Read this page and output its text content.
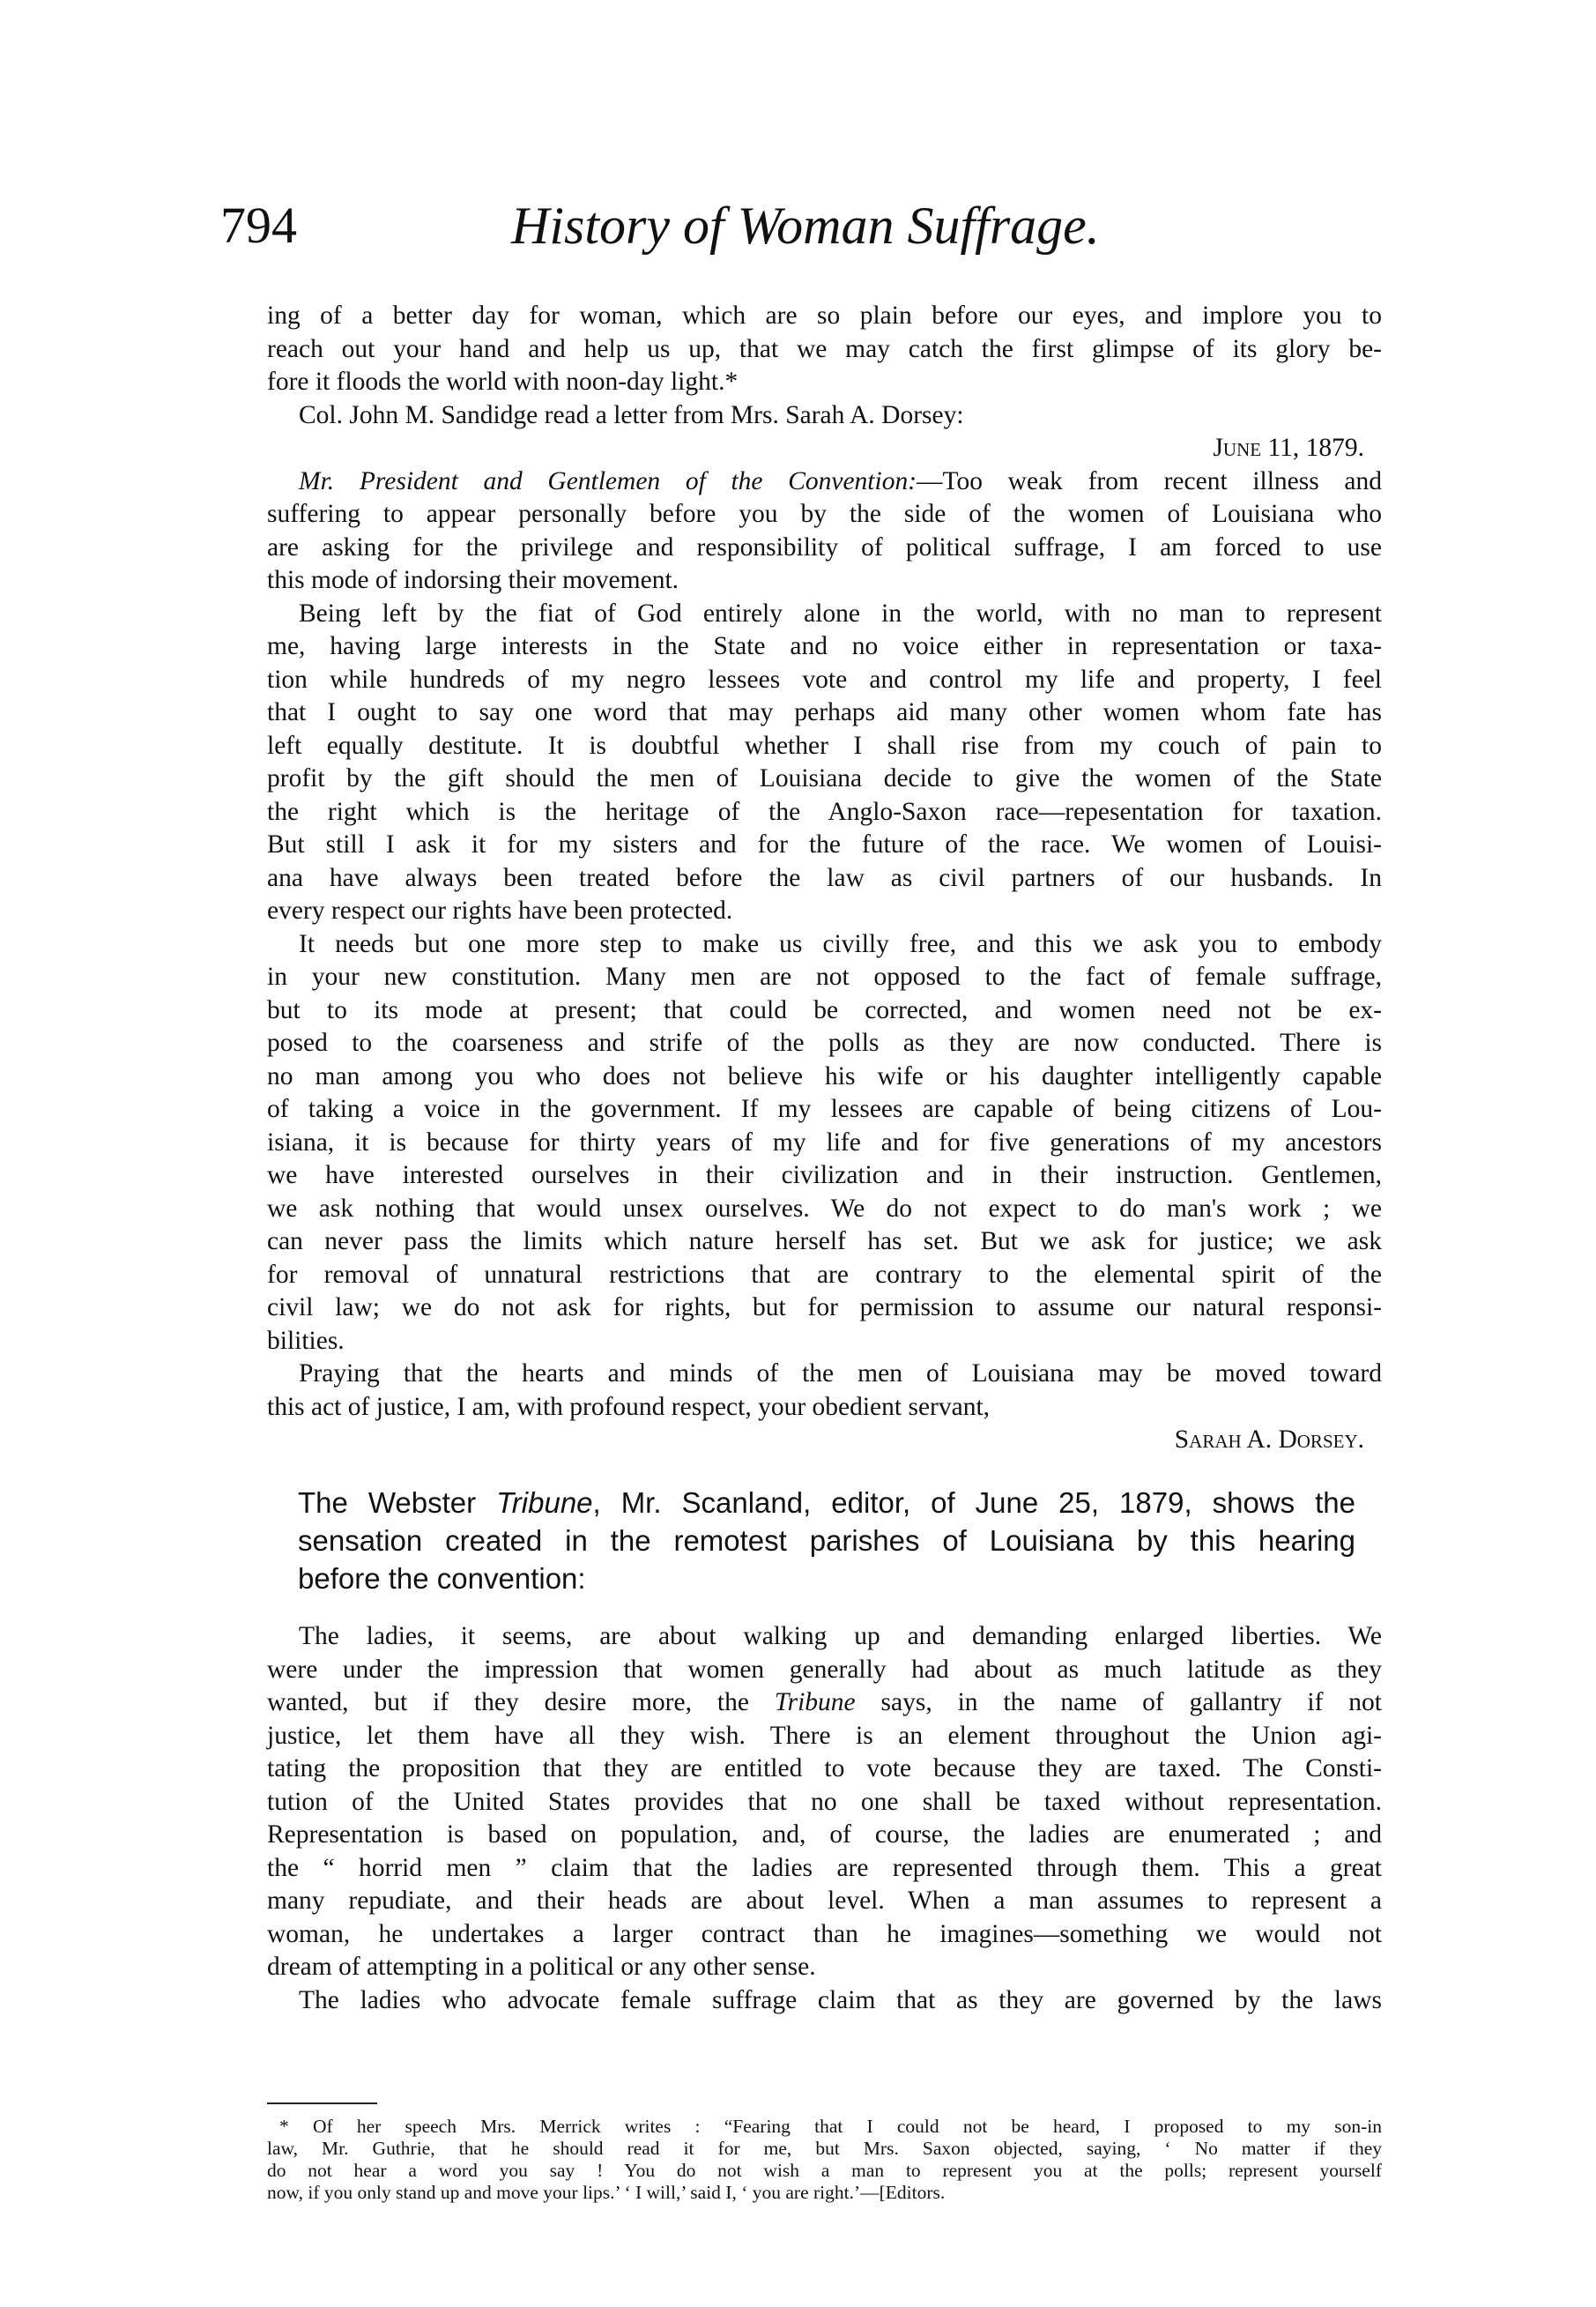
794	History of Woman Suffrage.
ing of a better day for woman, which are so plain before our eyes, and implore you to
reach out your hand and help us up, that we may catch the first glimpse of its glory be-
fore it floods the world with noon-day light.*
Col. John M. Sandidge read a letter from Mrs. Sarah A. Dorsey:
June 11, 1879.
Mr. President and Gentlemen of the Convention:—Too weak from recent illness and
suffering to appear personally before you by the side of the women of Louisiana who
are asking for the privilege and responsibility of political suffrage, I am forced to use
this mode of indorsing their movement.
Being left by the fiat of God entirely alone in the world, with no man to represent
me, having large interests in the State and no voice either in representation or taxa-
tion while hundreds of my negro lessees vote and control my life and property, I feel
that I ought to say one word that may perhaps aid many other women whom fate has
left equally destitute. It is doubtful whether I shall rise from my couch of pain to
profit by the gift should the men of Louisiana decide to give the women of the State
the right which is the heritage of the Anglo-Saxon race—repesentation for taxation.
But still I ask it for my sisters and for the future of the race. We women of Louisi-
ana have always been treated before the law as civil partners of our husbands. In
every respect our rights have been protected.
It needs but one more step to make us civilly free, and this we ask you to embody
in your new constitution. Many men are not opposed to the fact of female suffrage,
but to its mode at present; that could be corrected, and women need not be ex-
posed to the coarseness and strife of the polls as they are now conducted. There is
no man among you who does not believe his wife or his daughter intelligently capable
of taking a voice in the government. If my lessees are capable of being citizens of Lou-
isiana, it is because for thirty years of my life and for five generations of my ancestors
we have interested ourselves in their civilization and in their instruction. Gentlemen,
we ask nothing that would unsex ourselves. We do not expect to do man's work ; we
can never pass the limits which nature herself has set. But we ask for justice; we ask
for removal of unnatural restrictions that are contrary to the elemental spirit of the
civil law; we do not ask for rights, but for permission to assume our natural responsi-
bilities.
Praying that the hearts and minds of the men of Louisiana may be moved toward
this act of justice, I am, with profound respect, your obedient servant,
Sarah A. Dorsey.
The Webster Tribune, Mr. Scanland, editor, of June 25, 1879, shows the
sensation created in the remotest parishes of Louisiana by this hearing
before the convention:
The ladies, it seems, are about walking up and demanding enlarged liberties. We
were under the impression that women generally had about as much latitude as they
wanted, but if they desire more, the Tribune says, in the name of gallantry if not
justice, let them have all they wish. There is an element throughout the Union agi-
tating the proposition that they are entitled to vote because they are taxed. The Consti-
tution of the United States provides that no one shall be taxed without representation.
Representation is based on population, and, of course, the ladies are enumerated ; and
the “ horrid men ” claim that the ladies are represented through them. This a great
many repudiate, and their heads are about level. When a man assumes to represent a
woman, he undertakes a larger contract than he imagines—something we would not
dream of attempting in a political or any other sense.
The ladies who advocate female suffrage claim that as they are governed by the laws
* Of her speech Mrs. Merrick writes : “Fearing that I could not be heard, I proposed to my son-in
law, Mr. Guthrie, that he should read it for me, but Mrs. Saxon objected, saying, ‘ No matter if they
do not hear a word you say ! You do not wish a man to represent you at the polls; represent yourself
now, if you only stand up and move your lips.’ ‘ I will,’ said I, ‘ you are right.’—[Editors.
